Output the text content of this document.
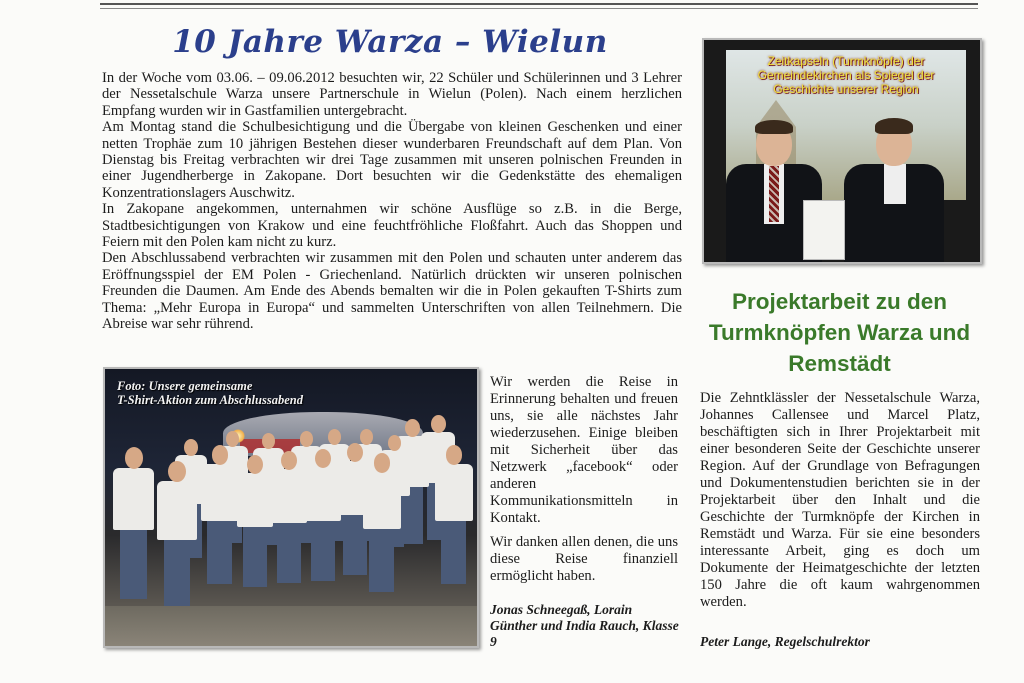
10 Jahre Warza – Wielun

In der Woche vom 03.06. – 09.06.2012 besuchten wir, 22 Schüler und Schülerinnen und 3 Lehrer der Nessetalschule Warza unsere Partnerschule in Wielun (Polen). Nach einem herzlichen Empfang wurden wir in Gastfamilien untergebracht.

Am Montag stand die Schulbesichtigung und die Übergabe von kleinen Geschenken und einer netten Trophäe zum 10 jährigen Bestehen dieser wunderbaren Freundschaft auf dem Plan. Von Dienstag bis Freitag verbrachten wir drei Tage zusammen mit unseren polnischen Freunden in einer Jugendherberge in Zakopane. Dort besuchten wir die Gedenkstätte des ehemaligen Konzentrationslagers Auschwitz.

In Zakopane angekommen, unternahmen wir schöne Ausflüge so z.B. in die Berge, Stadtbesichtigungen von Krakow und eine feuchtfröhliche Floßfahrt. Auch das Shoppen und Feiern mit den Polen kam nicht zu kurz.

Den Abschlussabend verbrachten wir zusammen mit den Polen und schauten unter anderem das Eröffnungsspiel der EM Polen - Griechenland. Natürlich drückten wir unseren polnischen Freunden die Daumen. Am Ende des Abends bemalten wir die in Polen gekauften T-Shirts zum Thema: „Mehr Europa in Europa“ und sammelten Unterschriften von allen Teilnehmern. Die Abreise war sehr rührend.

Foto: Unsere gemeinsame
T-Shirt-Aktion zum Abschlussabend

Wir werden die Reise in Erinnerung behalten und freuen uns, sie alle nächstes Jahr wiederzusehen. Einige bleiben mit Sicherheit über das Netzwerk „facebook“ oder anderen Kommunikationsmitteln in Kontakt.

Wir danken allen denen, die uns diese Reise finanziell ermöglicht haben.

Jonas Schneegaß, Lorain Günther und India Rauch, Klasse 9

Zeitkapseln (Turmknöpfe) der Gemeindekirchen als Spiegel der Geschichte unserer Region
Projektarbeit zu den Turmknöpfen Warza und Remstädt

Die Zehntklässler der Nessetalschule Warza, Johannes Callensee und Marcel Platz, beschäftigten sich in Ihrer Projektarbeit mit einer besonderen Seite der Geschichte unserer Region. Auf der Grundlage von Befragungen und Dokumentenstudien berichten sie in der Projektarbeit über den Inhalt und die Geschichte der Turmknöpfe der Kirchen in Remstädt und Warza. Für sie eine besonders interessante Arbeit, ging es doch um Dokumente der Heimatgeschichte der letzten 150 Jahre die oft kaum wahrgenommen werden.

Peter Lange, Regelschulrektor
